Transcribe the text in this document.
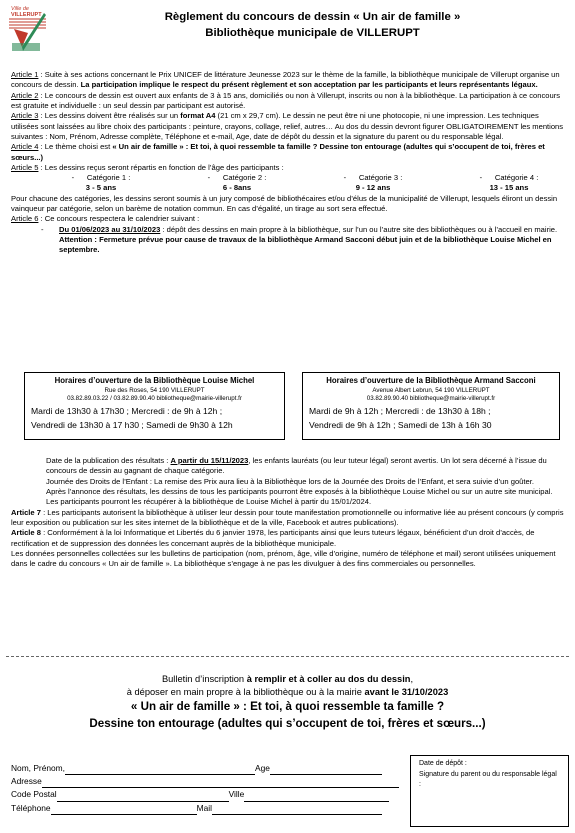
Ville de
VILLERUPT	Règlement du concours de dessin « Un air de famille »
Bibliothèque municipale de VILLERUPT
Article 1 : Suite à ses actions concernant le Prix UNICEF de littérature Jeunesse 2023 sur le thème de la famille, la bibliothèque municipale de Villerupt organise un concours de dessin. La participation implique le respect du présent règlement et son acceptation par les participants et leurs représentants légaux.
Article 2 : Le concours de dessin est ouvert aux enfants de 3 à 15 ans, domiciliés ou non à Villerupt, inscrits ou non à la bibliothèque. La participation à ce concours est gratuite et individuelle : un seul dessin par participant est autorisé.
Article 3 : Les dessins doivent être réalisés sur un format A4 (21 cm x 29,7 cm). Le dessin ne peut être ni une photocopie, ni une impression. Les techniques utilisées sont laissées au libre choix des participants : peinture, crayons, collage, relief, autres… Au dos du dessin devront figurer OBLIGATOIREMENT les mentions suivantes : Nom, Prénom, Adresse complète, Téléphone et e-mail, Age, date de dépôt du dessin et la signature du parent ou du responsable légal.
Article 4 : Le thème choisi est « Un air de famille » : Et toi, à quoi ressemble ta famille ? Dessine ton entourage (adultes qui s’occupent de toi, frères et sœurs...)
Article 5 : Les dessins reçus seront répartis en fonction de l’âge des participants :
-      Catégorie 1 :
3 - 5 ans
-      Catégorie 2 :
6 - 8ans
-      Catégorie 3 :
9 - 12 ans
-      Catégorie 4 :
13 - 15 ans
Pour chacune des catégories, les dessins seront soumis à un jury composé de bibliothécaires et/ou d’élus de la municipalité de Villerupt, lesquels éliront un dessin vainqueur par catégorie, selon un barème de notation commun. En cas d’égalité, un tirage au sort sera effectué.
Article 6 : Ce concours respectera le calendrier suivant :
-	Du 01/06/2023 au 31/10/2023 : dépôt des dessins en main propre à la bibliothèque, sur l’un ou l’autre site des bibliothèques ou à l’accueil en mairie. Attention : Fermeture prévue pour cause de travaux de la bibliothèque Armand Sacconi début juin et de la bibliothèque Louise Michel en septembre.
Horaires d’ouverture de la Bibliothèque Louise Michel
Rue des Roses, 54 190 VILLERUPT
03.82.89.03.22 / 03.82.89.90.40 bibliotheque@mairie-villerupt.fr
Mardi de 13h30 à 17h30 ; Mercredi : de 9h à 12h ;
Vendredi de 13h30 à 17 h30 ; Samedi de 9h30 à 12h
Horaires d’ouverture de la Bibliothèque Armand Sacconi
Avenue Albert Lebrun, 54 190 VILLERUPT
03.82.89.90.40 bibliotheque@mairie-villerupt.fr
Mardi de 9h à 12h ; Mercredi : de 13h30 à 18h ;
Vendredi de 9h à 12h ; Samedi de 13h à 16h 30
Date de la publication des résultats : A partir du 15/11/2023, les enfants lauréats (ou leur tuteur légal) seront avertis. Un lot sera décerné à l’issue du concours de dessin au gagnant de chaque catégorie.
Journée des Droits de l’Enfant : La remise des Prix aura lieu à la Bibliothèque lors de la Journée des Droits de l’Enfant, et sera suivie d’un goûter.
Après l’annonce des résultats, les dessins de tous les participants pourront être exposés à la bibliothèque Louise Michel ou sur un autre site municipal. Les participants pourront les récupérer à la bibliothèque de Louise Michel à partir du 15/01/2024.
Article 7 : Les participants autorisent la bibliothèque à utiliser leur dessin pour toute manifestation promotionnelle ou informative liée au présent concours (y compris leur exposition ou publication sur les sites internet de la bibliothèque et de la ville, Facebook et autres publications).
Article 8 : Conformément à la loi Informatique et Libertés du 6 janvier 1978, les participants ainsi que leurs tuteurs légaux, bénéficient d’un droit d’accès, de rectification et de suppression des données les concernant auprès de la bibliothèque municipale.
Les données personnelles collectées sur les bulletins de participation (nom, prénom, âge, ville d’origine, numéro de téléphone et mail) seront utilisées uniquement dans le cadre du concours « Un air de famille ». La bibliothèque s’engage à ne pas les divulguer à des fins commerciales ou personnelles.
Bulletin d’inscription à remplir et à coller au dos du dessin,
à déposer en main propre à la bibliothèque ou à la mairie avant le 31/10/2023
« Un air de famille » : Et toi, à quoi ressemble ta famille ?
Dessine ton entourage (adultes qui s’occupent de toi, frères et sœurs...)
Nom, Prénom,	Age
Adresse
Code Postal	Ville
Téléphone	Mail
Date de dépôt :
Signature du parent ou du responsable légal :
